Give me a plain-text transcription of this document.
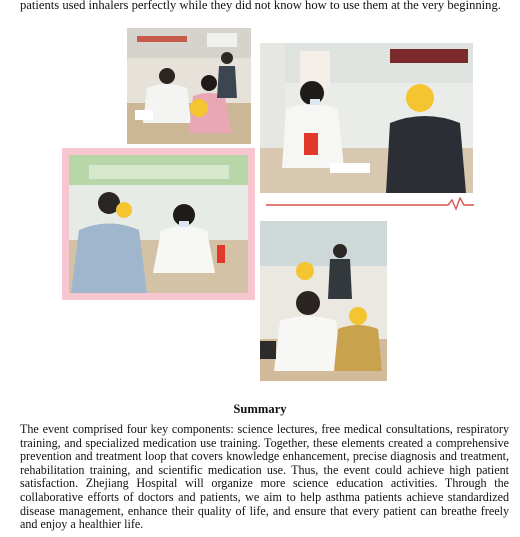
patients used inhalers perfectly while they did not know how to use them at the very beginning.
Summary
The event comprised four key components: science lectures, free medical consultations, respiratory training, and specialized medication use training. Together, these elements created a comprehensive prevention and treatment loop that covers knowledge enhancement, precise diagnosis and treatment, rehabilitation training, and scientific medication use. Thus, the event could achieve high patient satisfaction. Zhejiang Hospital will organize more science education activities. Through the collaborative efforts of doctors and patients, we aim to help asthma patients achieve standardized disease management, enhance their quality of life, and ensure that every patient can breathe freely and enjoy a healthier life.
